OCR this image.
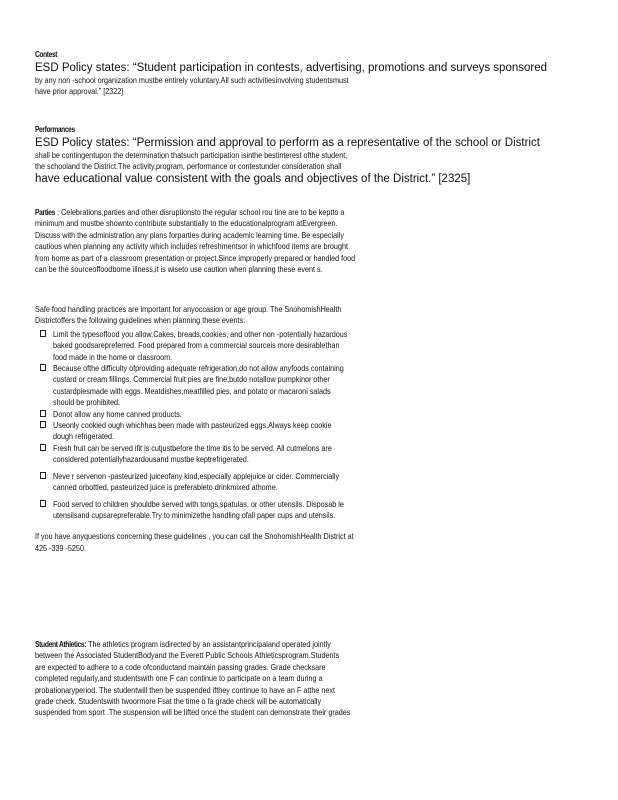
Contest
ESD Policy states: “Student participation in contests, advertising, promotions and surveys sponsored
by any non -school organization mustbe entirely voluntary.All such activitiesinvolving studentsmust
have prior approval.” [2322]
Performances
ESD Policy states: “Permission and approval to perform as a representative of the school or District
shall be contingentupon the determination thatsuch participation isinthe bestinterest ofthe student,
the schooland the District.The activity,program, performance or contestunder consideration shall
have educational value consistent with the goals and objectives of the District.” [2325]
Parties : Celebrations,parties and other disruptionsto the regular school rou tine are to be keptto a
minimum and mustbe shownto contribute substantially to the educationalprogram atEvergreen.
Discuss with the administration any plans forparties during academic learning time. Be especially
cautious when planning any activity which includes refreshmentsor in whichfood items are brought
from home as part of a classroom presentation or project.Since improperly prepared or handled food
can be the sourceoffoodborne illness,it is wiseto use caution when planning these event s.
Safe food handling practices are important for anyoccasion or age group. The SnohomishHealth
Districtoffers the following guidelines when planning these events:
Limit the typesoffood you allow.Cakes, breads,cookies, and other non -potentially hazardous
baked goodsarepreferred. Food prepared from a commercial sourceis more desirablethan
food made in the home or classroom.
Because ofthe difficulty ofproviding adequate refrigeration,do not allow anyfoods containing
custard or cream fillings. Commercial fruit pies are fine,butdo notallow pumpkinor other
custardpiesmade with eggs. Meatdishes,meatfilled pies, and potato or macaroni salads
should be prohibited.
Donot allow any home canned products.
Useonly cookied ough whichhas been made with pasteurized eggs.Always keep cookie
dough refrigerated.
Fresh fruit can be served ifit is cutjustbefore the time itis to be served. All cutmelons are
considered potentiallyhazardousand mustbe keptrefrigerated.
Neve r servenon -pasteurized juiceofany kind,especially applejuice or cider. Commercially
canned orbottled, pasteurized juice is preferableto drinkmixed athome.
Food served to children shouldbe served with tongs,spatulas, or other utensils. Disposab le
utensilsand cupsarepreferable.Try to minimizethe handling ofall paper cups and utensils.
If you have anyquestions concerning these guidelines , you can call the SnohomishHealth District at
425 -339 -5250.
Student Athletics: The athletics program isdirected by an assistantprincipaland operated jointly
between the Associated StudentBodyand the Everett Public Schools Athleticsprogram.Students
are expected to adhere to a code ofconductand maintain passing grades. Grade checksare
completed regularly,and studentswith one F can continue to participate on a team during a
probationaryperiod. The studentwill then be suspended ifthey continue to have an F atthe next
grade check. Studentswith twoormore Fsat the time o fa grade check will be automatically
suspended from sport .The suspension will be lifted once the student can demonstrate their grades
